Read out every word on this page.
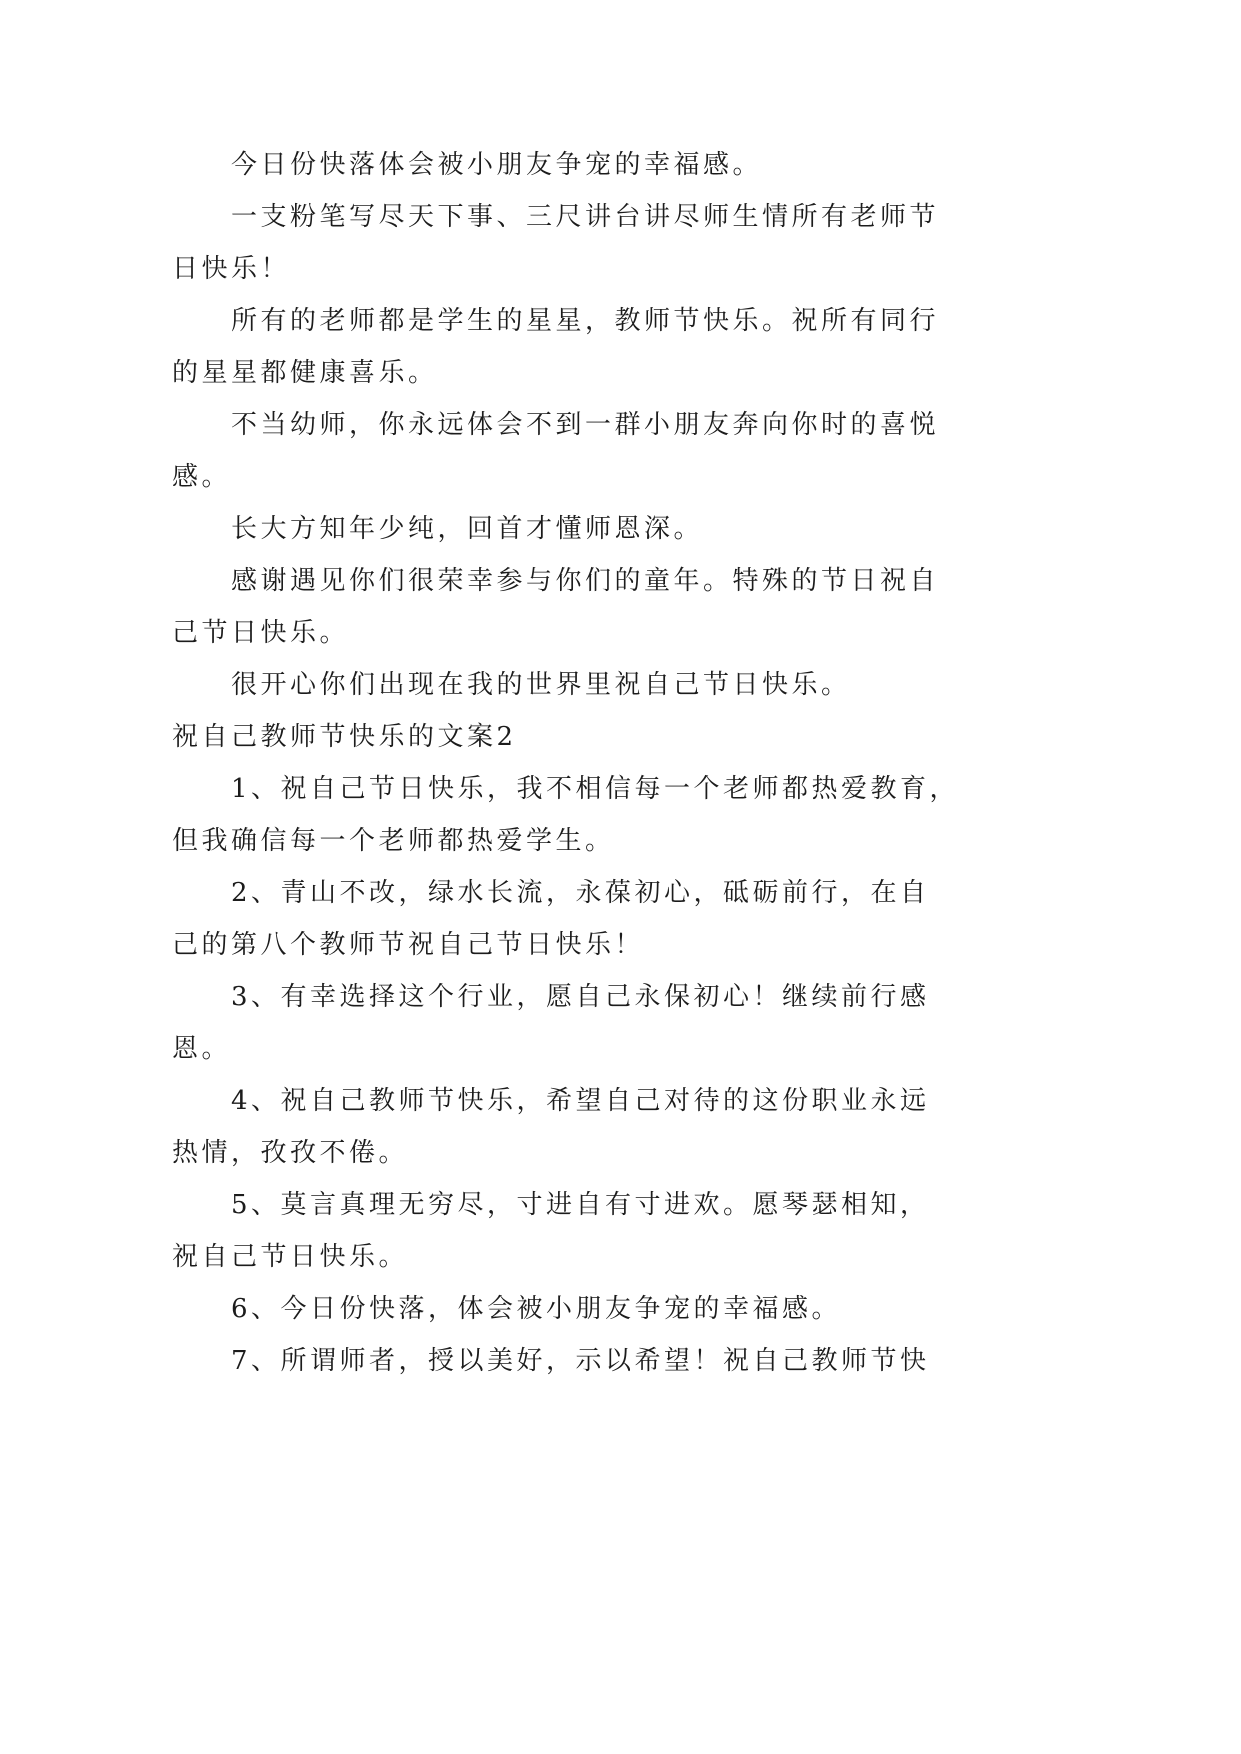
今日份快落体会被小朋友争宠的幸福感。
一支粉笔写尽天下事、三尺讲台讲尽师生情所有老师节
日快乐！
所有的老师都是学生的星星，教师节快乐。祝所有同行
的星星都健康喜乐。
不当幼师，你永远体会不到一群小朋友奔向你时的喜悦
感。
长大方知年少纯，回首才懂师恩深。
感谢遇见你们很荣幸参与你们的童年。特殊的节日祝自
己节日快乐。
很开心你们出现在我的世界里祝自己节日快乐。
祝自己教师节快乐的文案2
1、祝自己节日快乐，我不相信每一个老师都热爱教育，
但我确信每一个老师都热爱学生。
2、青山不改，绿水长流，永葆初心，砥砺前行，在自
己的第八个教师节祝自己节日快乐！
3、有幸选择这个行业，愿自己永保初心！继续前行感
恩。
4、祝自己教师节快乐，希望自己对待的这份职业永远
热情，孜孜不倦。
5、莫言真理无穷尽，寸进自有寸进欢。愿琴瑟相知，
祝自己节日快乐。
6、今日份快落，体会被小朋友争宠的幸福感。
7、所谓师者，授以美好，示以希望！祝自己教师节快
